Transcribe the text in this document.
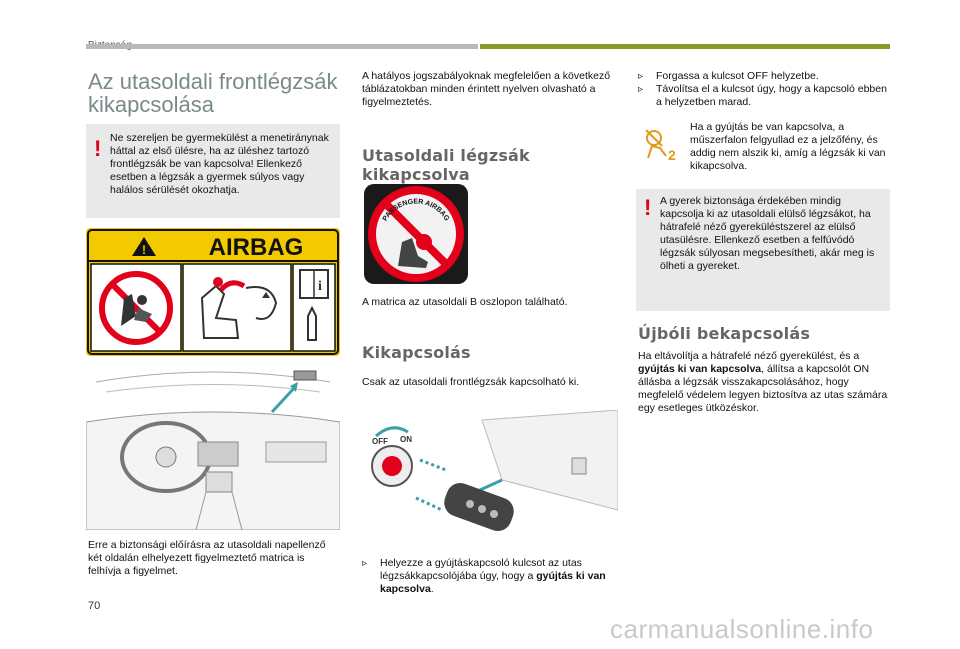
Az utasoldali frontlégzsák kikapcsolása
! Ne szereljen be gyermekülést a menetiránynak háttal az első ülésre, ha az üléshez tartozó frontlégzsák be van kapcsolva! Ellenkező esetben a légzsák a gyermek súlyos vagy halálos sérülését okozhatja.
!	AIRBAG
i
Erre a biztonsági előírásra az utasoldali napellenző két oldalán elhelyezett figyelmeztető matrica is felhívja a figyelmet.
A hatályos jogszabályoknak megfelelően a következő táblázatokban minden érintett nyelven olvasható a figyelmeztetés.
Utasoldali légzsák kikapcsolva
PASSENGER AIRBAG
A matrica az utasoldali B oszlopon található.
Kikapcsolás
Csak az utasoldali frontlégzsák kapcsolható ki.
OFF ON
▹ Helyezze a gyújtáskapcsoló kulcsot az utas légzsákkapcsolójába úgy, hogy a gyújtás ki van kapcsolva.
▹ Forgassa a kulcsot OFF helyzetbe.
▹ Távolítsa el a kulcsot úgy, hogy a kapcsoló ebben a helyzetben marad.
2
Ha a gyújtás be van kapcsolva, a műszerfalon felgyullad ez a jelzőfény, és addig nem alszik ki, amíg a légzsák ki van kikapcsolva.
! A gyerek biztonsága érdekében mindig kapcsolja ki az utasoldali elülső légzsákot, ha hátrafelé néző gyereküléstszerel az elülső utasülésre. Ellenkező esetben a felfúvódó légzsák súlyosan megsebesítheti, akár meg is ölheti a gyereket.
Újbóli bekapcsolás
Ha eltávolítja a hátrafelé néző gyerekülést, és a gyújtás ki van kapcsolva, állítsa a kapcsolót ON állásba a légzsák visszakapcsolásához, hogy megfelelő védelem legyen biztosítva az utas számára egy esetleges ütközéskor.
70
carmanualsonline.info
